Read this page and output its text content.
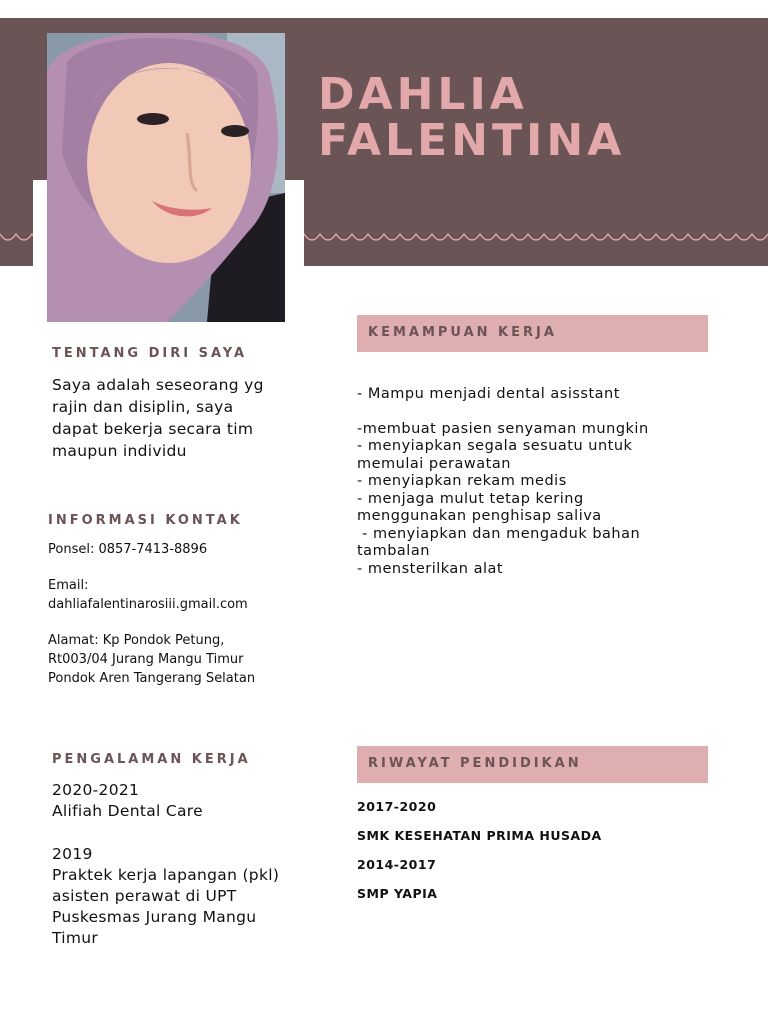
DAHLIA
FALENTINA
TENTANG DIRI SAYA

Saya adalah seseorang yg

rajin dan disiplin, saya

dapat bekerja secara tim

maupun individu

INFORMASI KONTAK

Ponsel: 0857-7413-8896

Email:

dahliafalentinarosiii.gmail.com

Alamat: Kp Pondok Petung,

Rt003/04 Jurang Mangu Timur

Pondok Aren Tangerang Selatan

PENGALAMAN KERJA

2020-2021

Alifiah Dental Care

2019

Praktek kerja lapangan (pkl)

asisten perawat di UPT

Puskesmas Jurang Mangu

Timur

KEMAMPUAN KERJA
- Mampu menjadi dental asisstant
-membuat pasien senyaman mungkin
- menyiapkan segala sesuatu untuk
memulai perawatan
- menyiapkan rekam medis
- menjaga mulut tetap kering
menggunakan penghisap saliva
- menyiapkan dan mengaduk bahan
tambalan
- mensterilkan alat
RIWAYAT PENDIDIKAN

2017-2020

SMK KESEHATAN PRIMA HUSADA

2014-2017

SMP YAPIA
